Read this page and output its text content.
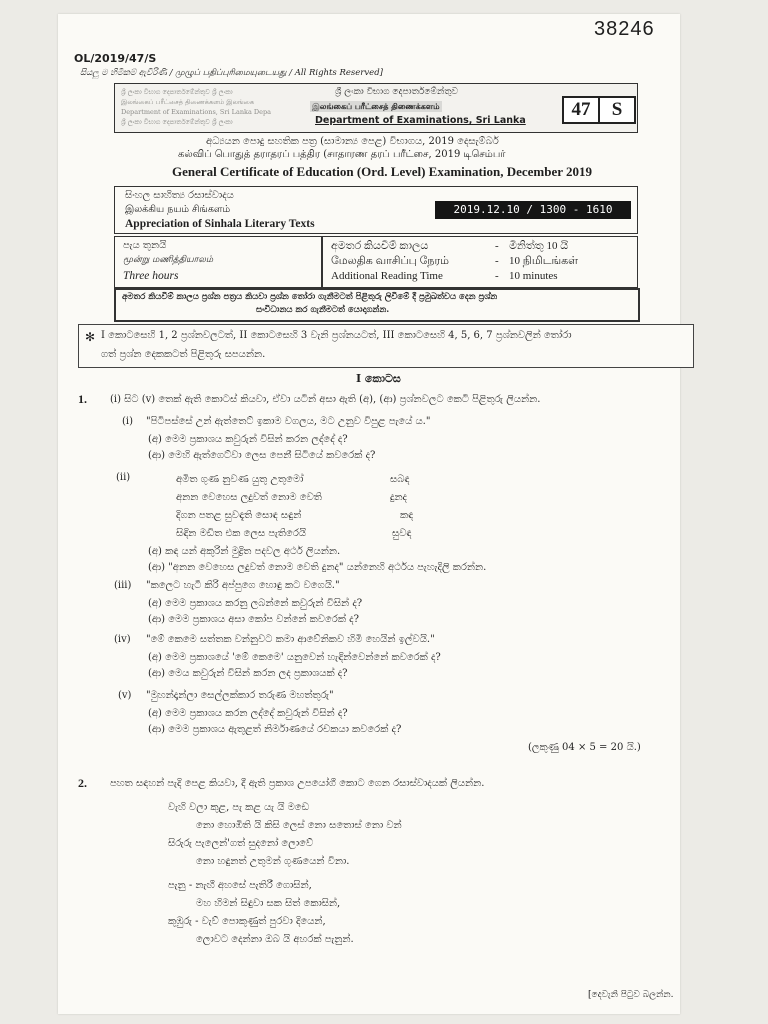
OL/2019/47/S
38246
සියලු ම හිමිකම් ඇවිරිණි / முழுப் பதிப்புரிமையுடையது / All Rights Reserved]
ශ්‍රී ලංකා විභාග දෙපාර්තමේන්තුව ශ්‍රී ලංකා
இலங்கைப் பரீட்சைத் திணைக்களம் இலங்கை
Department of Examinations, Sri Lanka Depa
ශ්‍රී ලංකා විභාග දෙපාර්තමේන්තුව ශ්‍රී ලංකා
ශ්‍රී ලංකා විභාග දෙපාර්තමේන්තුව
இலங்கைப் பரீட்சைத் திணைக்களம்
Department of Examinations, Sri Lanka
47	S
අධ්‍යයන පොදු සහතික පත්‍ර (සාමාන්‍ය පෙළ) විභාගය, 2019 දෙසැම්බර්
கல்விப் பொதுத் தராதரப் பத்திர (சாதாரண தரப் பரீட்சை, 2019 டிசெம்பர்
General Certificate of Education (Ord. Level) Examination, December 2019
සිංහල සාහිත්‍ය රසාස්වාදය
இலக்கிய நயம் சிங்களம்
Appreciation of Sinhala Literary Texts
2019.12.10 / 1300 - 1610
පැය තුනයි
மூன்று மணித்தியாலம்
Three hours
අමතර කියවීම් කාලය	- මිනිත්තු 10 යි
மேலதிக வாசிப்பு நேரம்	- 10 நிமிடங்கள்
Additional Reading Time	- 10 minutes
අමතර කියවීම් කාලය ප්‍රශ්න පත්‍රය කියවා ප්‍රශ්න තෝරා ගැනීමටත් පිළිතුරු ලිවීමේ දී ප්‍රමුඛත්වය දෙන ප්‍රශ්න
සංවිධානය කර ගැනීමටත් යොදාගන්න.
✻ I කොටසෙහි 1, 2 ප්‍රශ්නවලටත්, II කොටසෙහි 3 වැනි ප්‍රශ්නයටත්, III කොටසෙහි 4, 5, 6, 7 ප්‍රශ්නවලින් තෝරා
ගත් ප්‍රශ්න දෙකකටත් පිළිතුරු සපයන්න.
I කොටස
1. (i) සිට (v) තෙක් ඇති කොටස් කියවා, ඒවා යටින් අසා ඇති (අ), (ආ) ප්‍රශ්නවලට කෙටි පිළිතුරු ලියන්න.
(i) "පිටිපස්සේ උන් ඇත්තෙට් ඉකාම වගලය, මට උනුව විපුළ පැයේ ය."
(අ) මෙම ප්‍රකාශය කවුරුන් විසින් කරන ලද්දේ ද?
(ආ) මෙහි ඇත්ගෙට්වා ලෙස පෙනී සිටියේ කවරෙක් ද?
(ii)	අමිත ගුණ නුවණ යුතු උතුමෝ	සබඳ
අනන වෙහෙස ලදුවත් නොම වෙති	දුනද
දිගන පතළ සුවඳැති සොඳ සඳුන්	කඳ
සිඳින මඩිත එක ලෙස පැතිරෙයි	සුවඳ
(අ) කඳ යන් අකුරින් මුද්‍රිත පදවල අර්ථ ලියන්න.
(ආ) "අනන වෙහෙස ලදුවත් නොම වෙති දුනද" යන්නෙහි අර්ථය පැහැදිලි කරන්න.
(iii) "කලෙට හැටී කිරි අප්පුගෙ හොඳු කට වගෙයි."
(අ) මෙම ප්‍රකාශය කරනු ලබන්නේ කවුරුන් විසින් ද?
(ආ) මෙම ප්‍රකාශය අසා කෝප වන්නේ කවරෙක් ද?
(iv) "මේ කෙමෙ සත්තක වන්නුවට කමා ආවේනිකව හිමි හෙයින් ඉල්වයි."
(අ) මෙම ප්‍රකාශයේ 'මේ කෙමෙ' යනුවෙන් හැඳින්වෙන්නේ කවරෙක් ද?
(ආ) මෙය කවුරුන් විසින් කරන ලද ප්‍රකාශයක් ද?
(v) "මුහන්දෑන්ලා සෙල්ලක්කාර තරුණ මහත්තුරු"
(අ) මෙම ප්‍රකාශය කරන ලද්දේ කවුරුන් විසින් ද?
(ආ) මෙම ප්‍රකාශය ඇතුළත් නිර්මාණයේ රචකයා කවරෙක් ද?
(ලකුණු 04 × 5 = 20 යි.)
2. පහත සඳහන් පැදි පෙළ කියවා, දී ඇති ප්‍රකාශ උපයෝගී කොට ගෙන රසාස්වාදයක් ලියන්න.
වැහි වලා කුළ, පැ කළ යැ යි මඩෙ
නො හොඹිති යි කිසි ලෙස් නො සතොස් නො වන්
සිරුරු පැලෙන්'ගත් සුදනෝ ලොවේ
නො හඳුනත් උතුමන් ගුණයෙන් විනා.
පැනු - නැඟී අහසේ පැතිරී ගොසින්,
මහ හිමන් සිඳුවා සක සිත් කොසින්,
කුඹුරු - වැව් පොකුණුත් පුරවා දියෙන්,
ලොවට දෙන්නා ඔබ යි අහරක් පැනුන්.
[දෙවැනි පිටුව බලන්න.
